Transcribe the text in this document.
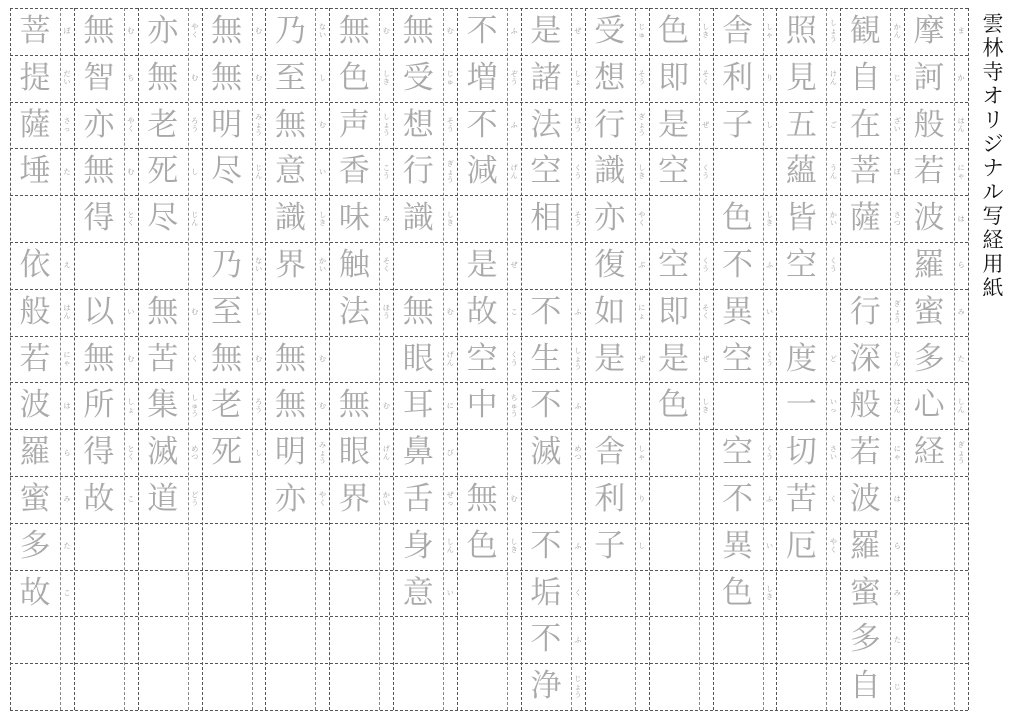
摩	ま
訶	か
般	はん
若	にゃ
波	は
羅	ら
蜜	み
多	た
心	しん
経	ぎょう
観	かん
自	じ
在	ざい
菩	ぼ
薩	さつ
行	ぎょう
深	じん
般	はん
若	にゃ
波	は
羅	ら
蜜	み
多	た
自	じ
照	しょう
見	けん
五	ご
蘊	うん
皆	かい
空	くう
度	ど
一	いっ
切	さい
苦	く
厄	やく
舎	しゃ
利	り
子	し
色	しき
不	ふ
異	い
空	くう
空	くう
不	ふ
異	い
色	しき
色	しき
即	そく
是	ぜ
空	くう
空	くう
即	そく
是	ぜ
色	しき
受	じゅ
想	そう
行	ぎょう
識	しき
亦	やく
復	ぶ
如	にょ
是	ぜ
舎	しゃ
利	り
子	し
是	ぜ
諸	しょ
法	ほう
空	くう
相	そう
不	ふ
生	しょう
不	ふ
滅	めつ
不	ふ
垢	く
不	ふ
浄	じょう
不	ふ
増	ぞう
不	ふ
減	げん
是	ぜ
故	こ
空	くう
中	ちゅう
無	む
色	しき
無	む
受	じゅ
想	そう
行	ぎょう
識	しき
無	む
眼	げん
耳	に
鼻	び
舌	ぜっ
身	しん
意	い
無	む
色	しき
声	しょう
香	こう
味	み
触	そく
法	ほう
無	む
眼	げん
界	かい
乃	ない
至	し
無	む
意	い
識	しき
界	かい
無	む
無	む
明	みょう
亦	やく
無	む
無	む
明	みょう
尽	じん
乃	ない
至	し
無	む
老	ろう
死	し
亦	やく
無	む
老	ろう
死	し
尽	じん
無	む
苦	く
集	しゅう
滅	めつ
道	どう
無	む
智	ち
亦	やく
無	む
得	とく
以	い
無	む
所	しょ
得	とく
故	こ
菩	ぼ
提	だい
薩	さっ
埵	た
依	え
般	はん
若	にゃ
波	は
羅	ら
蜜	み
多	た
故	こ
雲林寺オリジナル写経用紙
